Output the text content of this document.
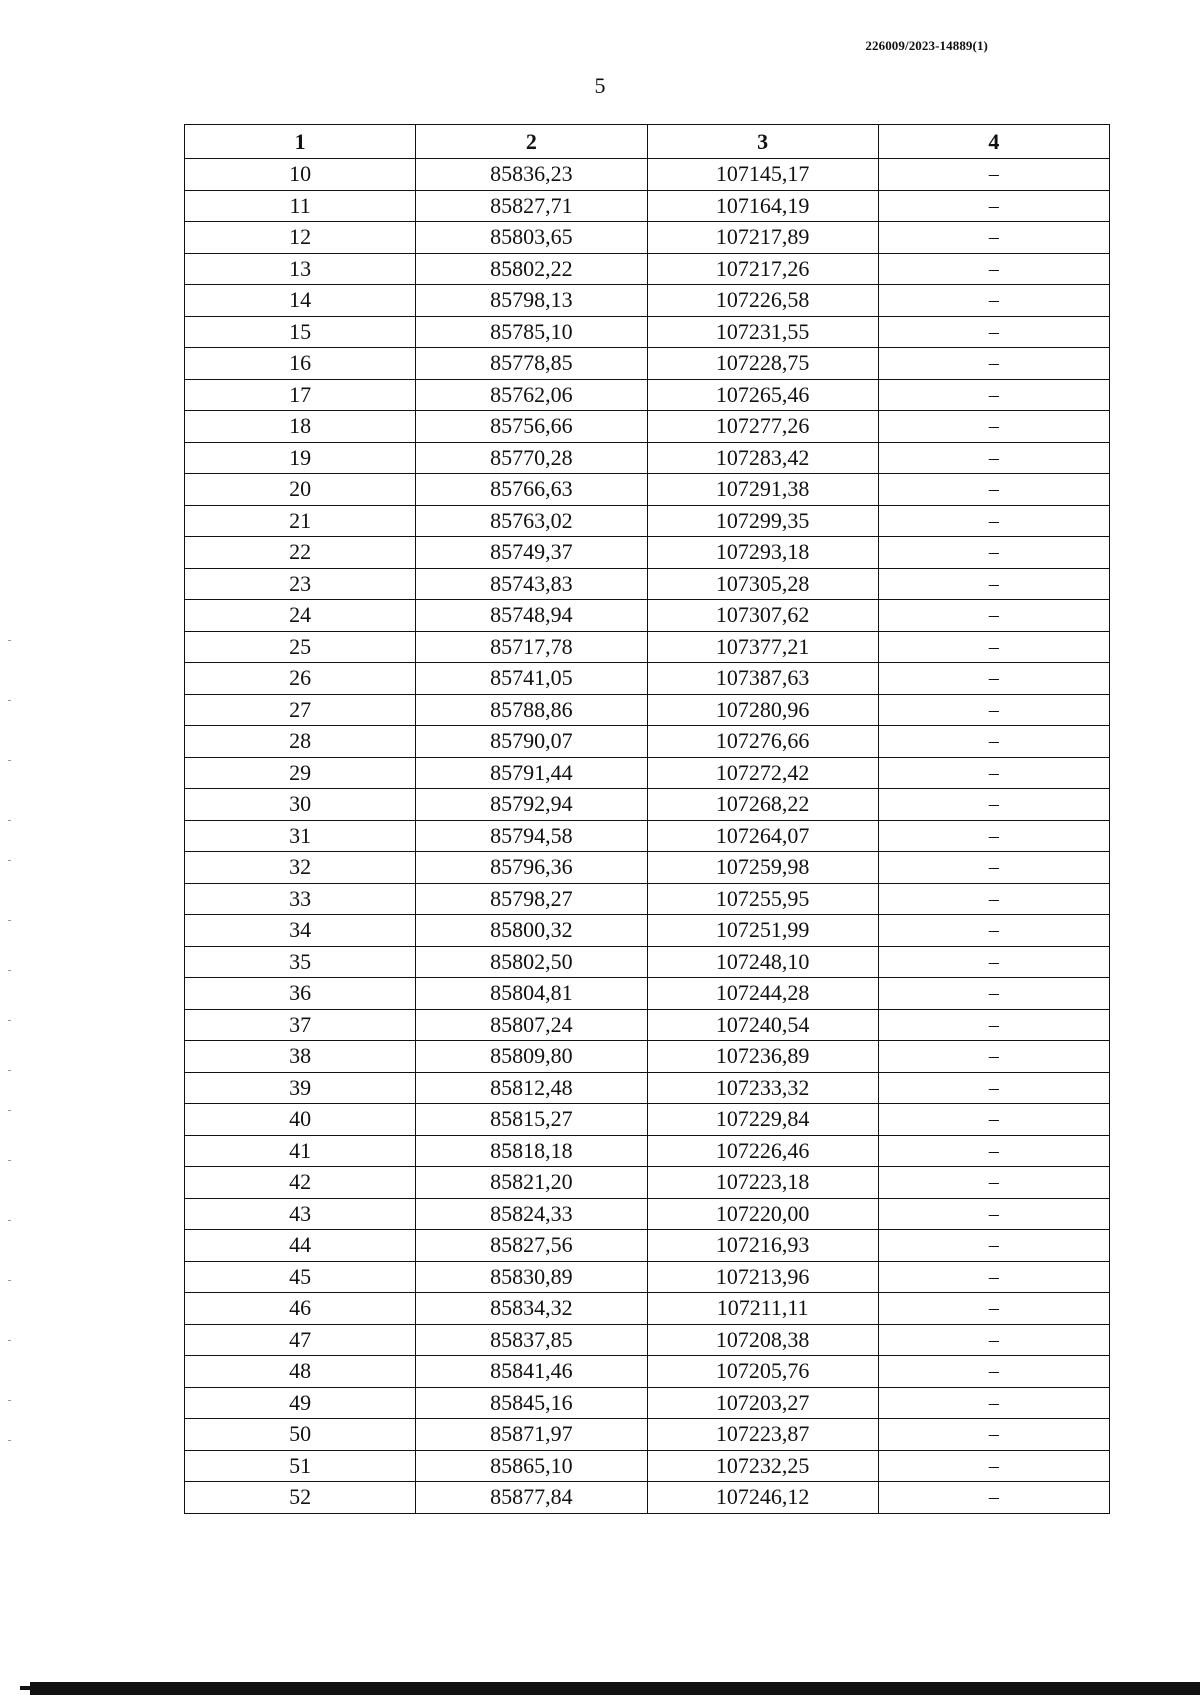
226009/2023-14889(1)
5
1	2	3	4
10	85836,23	107145,17	–
11	85827,71	107164,19	–
12	85803,65	107217,89	–
13	85802,22	107217,26	–
14	85798,13	107226,58	–
15	85785,10	107231,55	–
16	85778,85	107228,75	–
17	85762,06	107265,46	–
18	85756,66	107277,26	–
19	85770,28	107283,42	–
20	85766,63	107291,38	–
21	85763,02	107299,35	–
22	85749,37	107293,18	–
23	85743,83	107305,28	–
24	85748,94	107307,62	–
25	85717,78	107377,21	–
26	85741,05	107387,63	–
27	85788,86	107280,96	–
28	85790,07	107276,66	–
29	85791,44	107272,42	–
30	85792,94	107268,22	–
31	85794,58	107264,07	–
32	85796,36	107259,98	–
33	85798,27	107255,95	–
34	85800,32	107251,99	–
35	85802,50	107248,10	–
36	85804,81	107244,28	–
37	85807,24	107240,54	–
38	85809,80	107236,89	–
39	85812,48	107233,32	–
40	85815,27	107229,84	–
41	85818,18	107226,46	–
42	85821,20	107223,18	–
43	85824,33	107220,00	–
44	85827,56	107216,93	–
45	85830,89	107213,96	–
46	85834,32	107211,11	–
47	85837,85	107208,38	–
48	85841,46	107205,76	–
49	85845,16	107203,27	–
50	85871,97	107223,87	–
51	85865,10	107232,25	–
52	85877,84	107246,12	–
